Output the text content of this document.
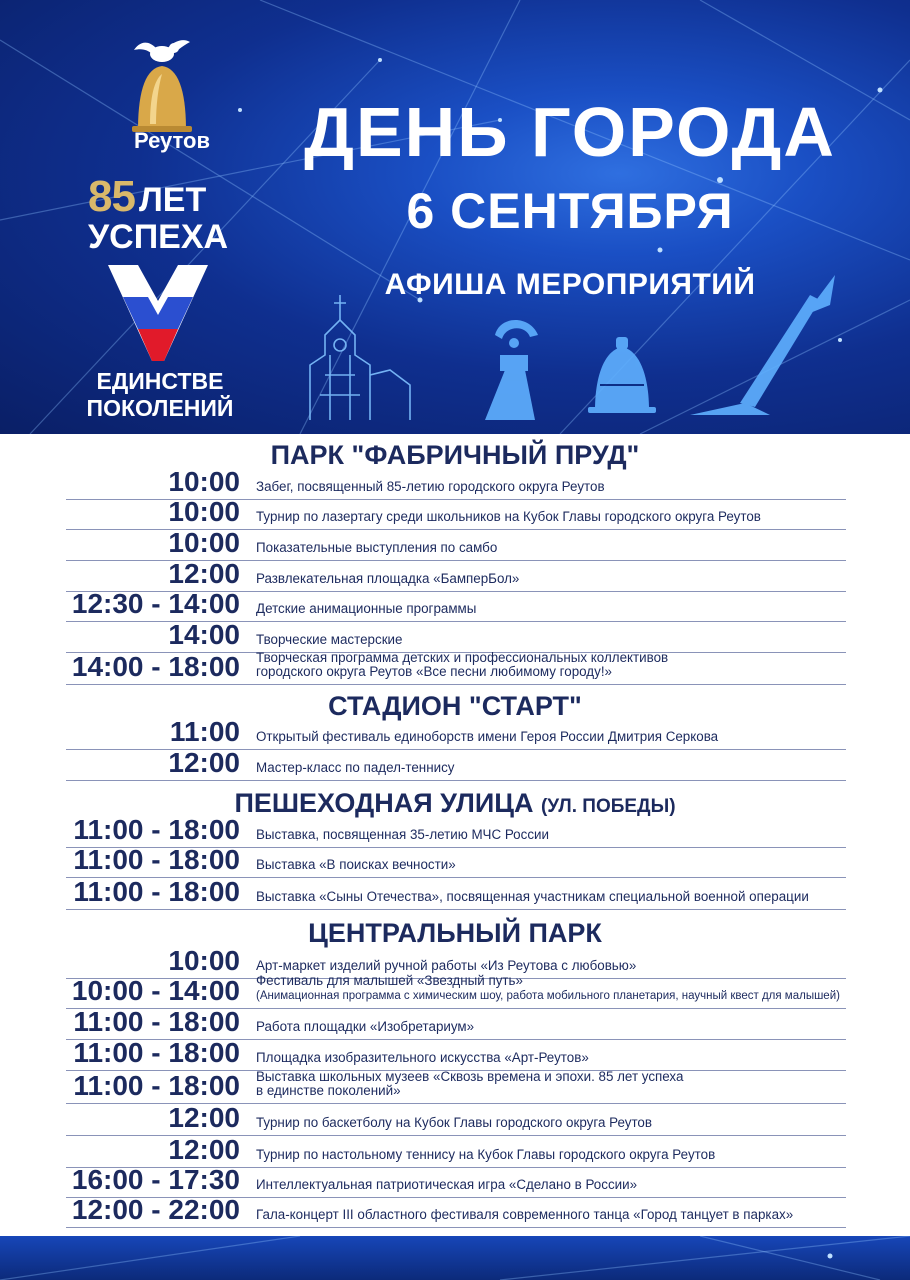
Реутов
85 ЛЕТ
УСПЕХА
ЕДИНСТВЕ
ПОКОЛЕНИЙ
ДЕНЬ ГОРОДА
6 СЕНТЯБРЯ
АФИША МЕРОПРИЯТИЙ
ПАРК "ФАБРИЧНЫЙ ПРУД"
10:00 Забег, посвященный 85-летию городского округа Реутов
10:00 Турнир по лазертагу среди школьников на Кубок Главы городского округа Реутов
10:00 Показательные выступления по самбо
12:00 Развлекательная площадка «БамперБол»
12:30 - 14:00 Детские анимационные программы
14:00 Творческие мастерские
14:00 - 18:00 Творческая программа детских и профессиональных коллективов
городского округа Реутов «Все песни любимому городу!»
СТАДИОН "СТАРТ"
11:00 Открытый фестиваль единоборств имени Героя России Дмитрия Серкова
12:00 Мастер-класс по падел-теннису
ПЕШЕХОДНАЯ УЛИЦА (УЛ. ПОБЕДЫ)
11:00 - 18:00 Выставка, посвященная 35-летию МЧС России
11:00 - 18:00 Выставка «В поисках вечности»
11:00 - 18:00 Выставка «Сыны Отечества», посвященная участникам специальной военной операции
ЦЕНТРАЛЬНЫЙ ПАРК
10:00 Арт-маркет изделий ручной работы «Из Реутова с любовью»
10:00 - 14:00 Фестиваль для малышей «Звездный путь»
(Анимационная программа с химическим шоу, работа мобильного планетария, научный квест для малышей)
11:00 - 18:00 Работа площадки «Изобретариум»
11:00 - 18:00 Площадка изобразительного искусства «Арт-Реутов»
11:00 - 18:00 Выставка школьных музеев «Сквозь времена и эпохи. 85 лет успеха
в единстве поколений»
12:00 Турнир по баскетболу на Кубок Главы городского округа Реутов
12:00 Турнир по настольному теннису на Кубок Главы городского округа Реутов
16:00 - 17:30 Интеллектуальная патриотическая игра «Сделано в России»
12:00 - 22:00 Гала-концерт III областного фестиваля современного танца «Город танцует в парках»
